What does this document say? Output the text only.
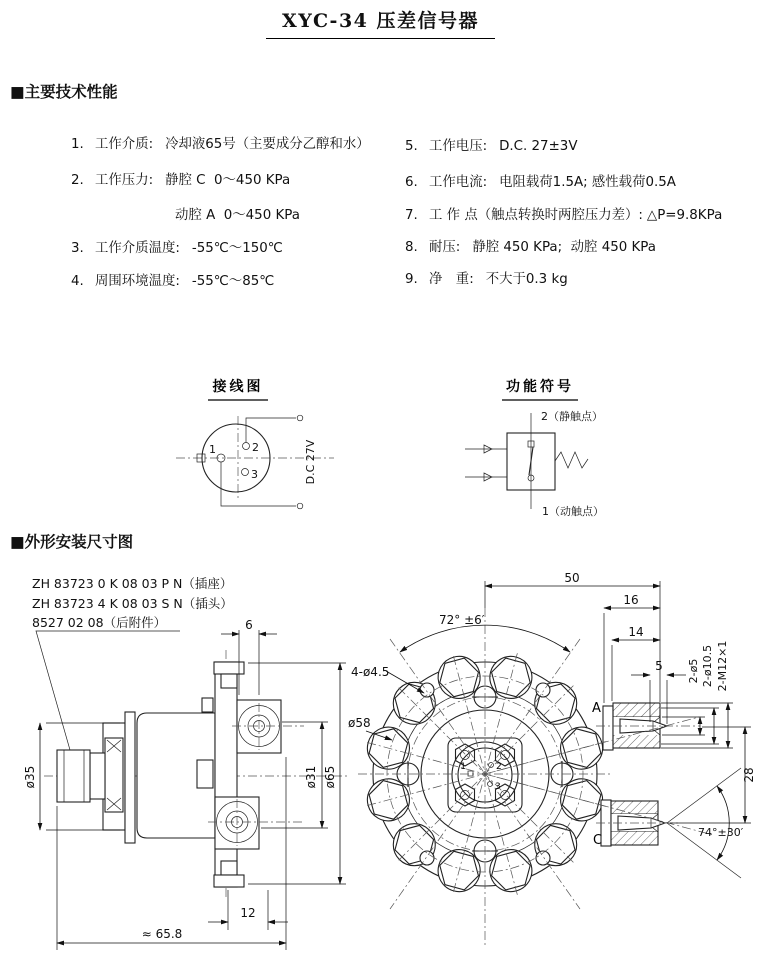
XYC-34 压差信号器
■主要技术性能

1. 工作介质: 冷却液65号（主要成分乙醇和水）

2. 工作压力: 静腔 C  0～450 KPa

动腔 A  0～450 KPa

3. 工作介质温度: -55℃～150℃

4. 周围环境温度: -55℃～85℃

5. 工作电压: D.C. 27±3V

6. 工作电流: 电阻载荷1.5A; 感性载荷0.5A

7. 工 作 点（触点转换时两腔压力差）: △P=9.8KPa

8. 耐压: 静腔 450 KPa;  动腔 450 KPa

9. 净　重: 不大于0.3 kg

接线图
1	2
3	D.C 27V
功能符号
2（静触点）
1（动触点）
■外形安装尺寸图
ZH 83723 0 K 08 03 P N（插座）
ZH 83723 4 K 08 03 S N（插头）
8527 02 08（后附件）
ø35
6
ø31 ø65
12
≈ 65.8
2
3
1
50
16
14
5 2-ø5 2-ø10.5 2-M12×1
28
74°±30′
72° ±6′
4-ø4.5
ø58
A
C
